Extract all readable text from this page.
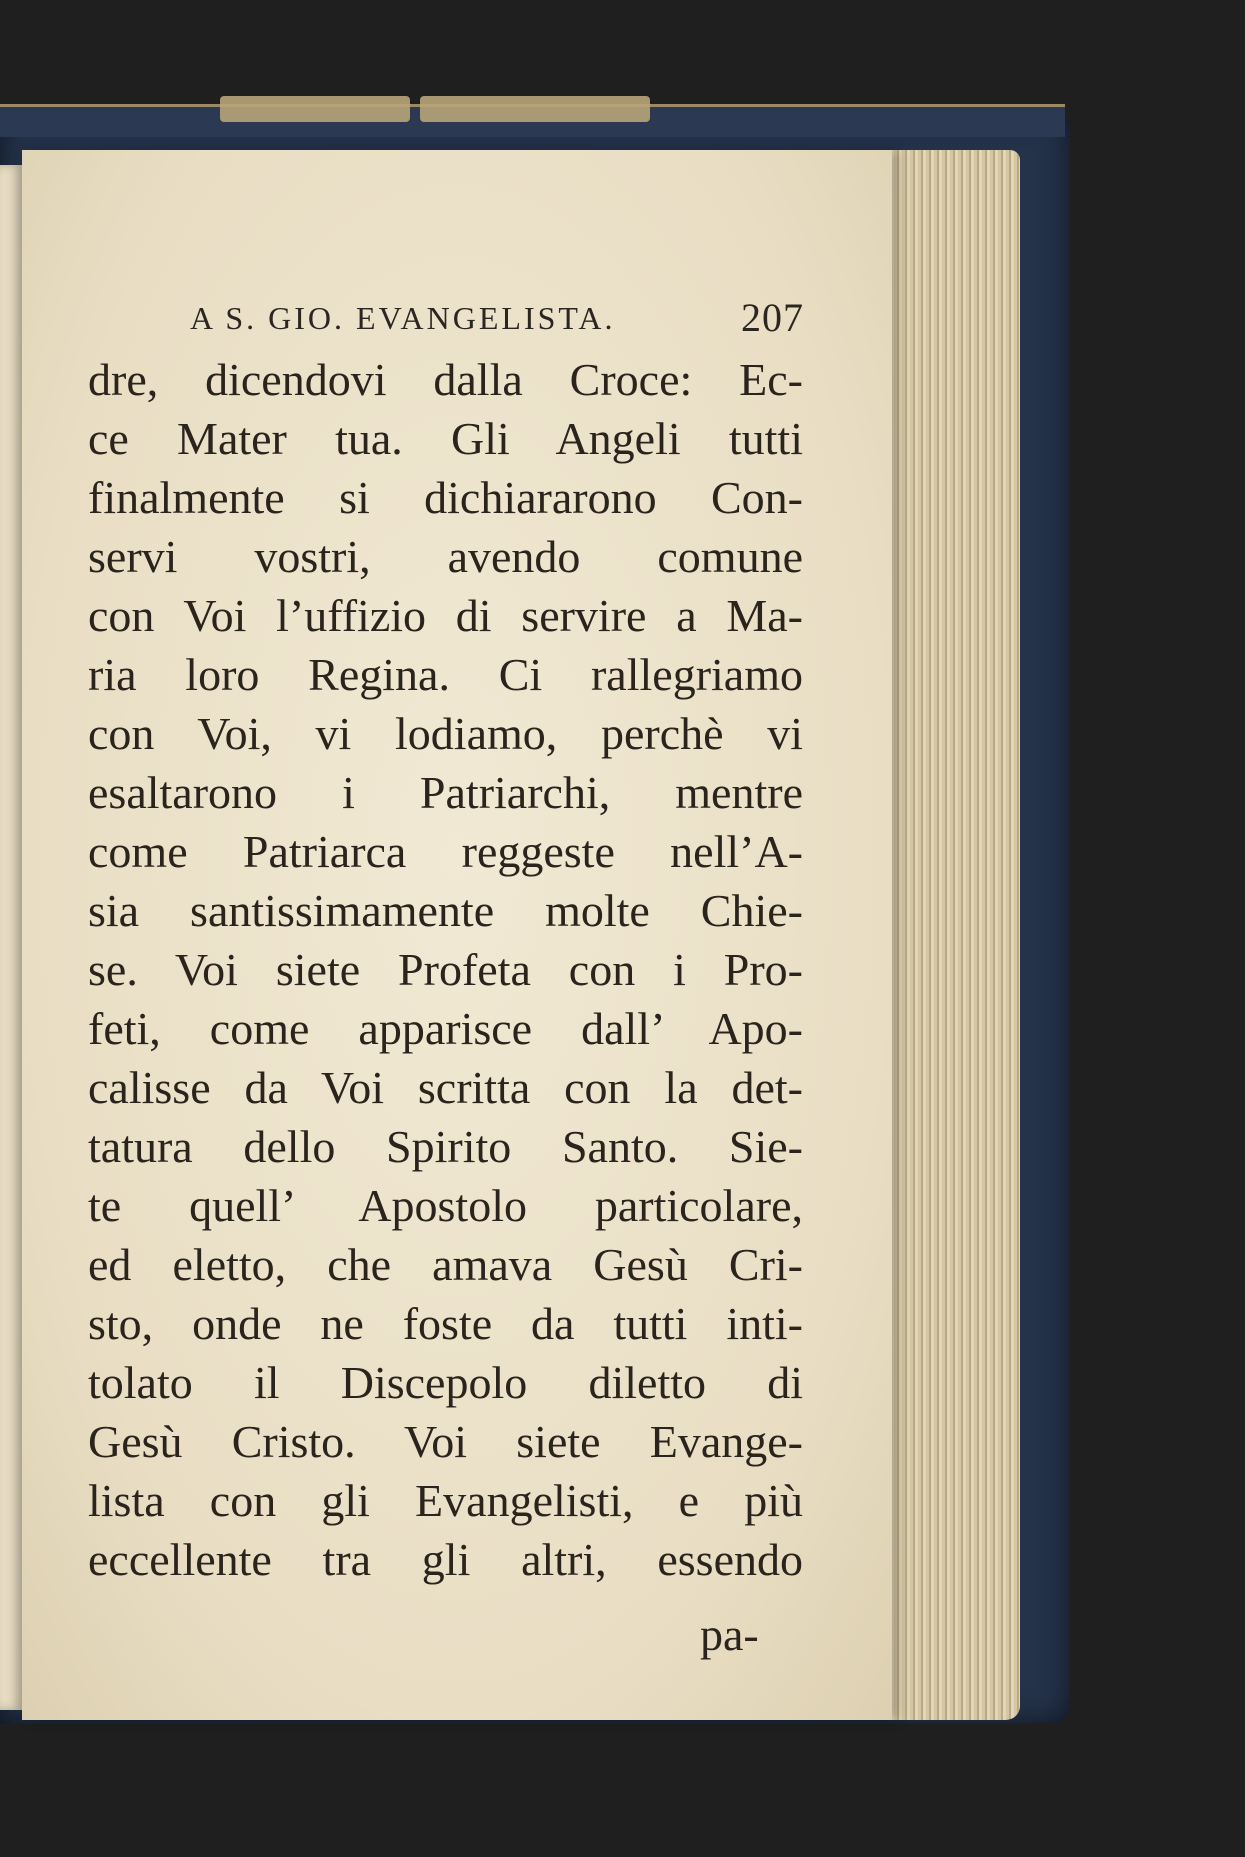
A S. GIO. EVANGELISTA.	207
dre, dicendovi dalla Croce: Ec-
ce Mater tua. Gli Angeli tutti
finalmente si dichiararono Con-
servi vostri, avendo comune
con Voi l’uffizio di servire a Ma-
ria loro Regina. Ci rallegriamo
con Voi, vi lodiamo, perchè vi
esaltarono i Patriarchi, mentre
come Patriarca reggeste nell’A-
sia santissimamente molte Chie-
se. Voi siete Profeta con i Pro-
feti, come apparisce dall’ Apo-
calisse da Voi scritta con la det-
tatura dello Spirito Santo. Sie-
te quell’ Apostolo particolare,
ed eletto, che amava Gesù Cri-
sto, onde ne foste da tutti inti-
tolato il Discepolo diletto di
Gesù Cristo. Voi siete Evange-
lista con gli Evangelisti, e più
eccellente tra gli altri, essendo
pa-
